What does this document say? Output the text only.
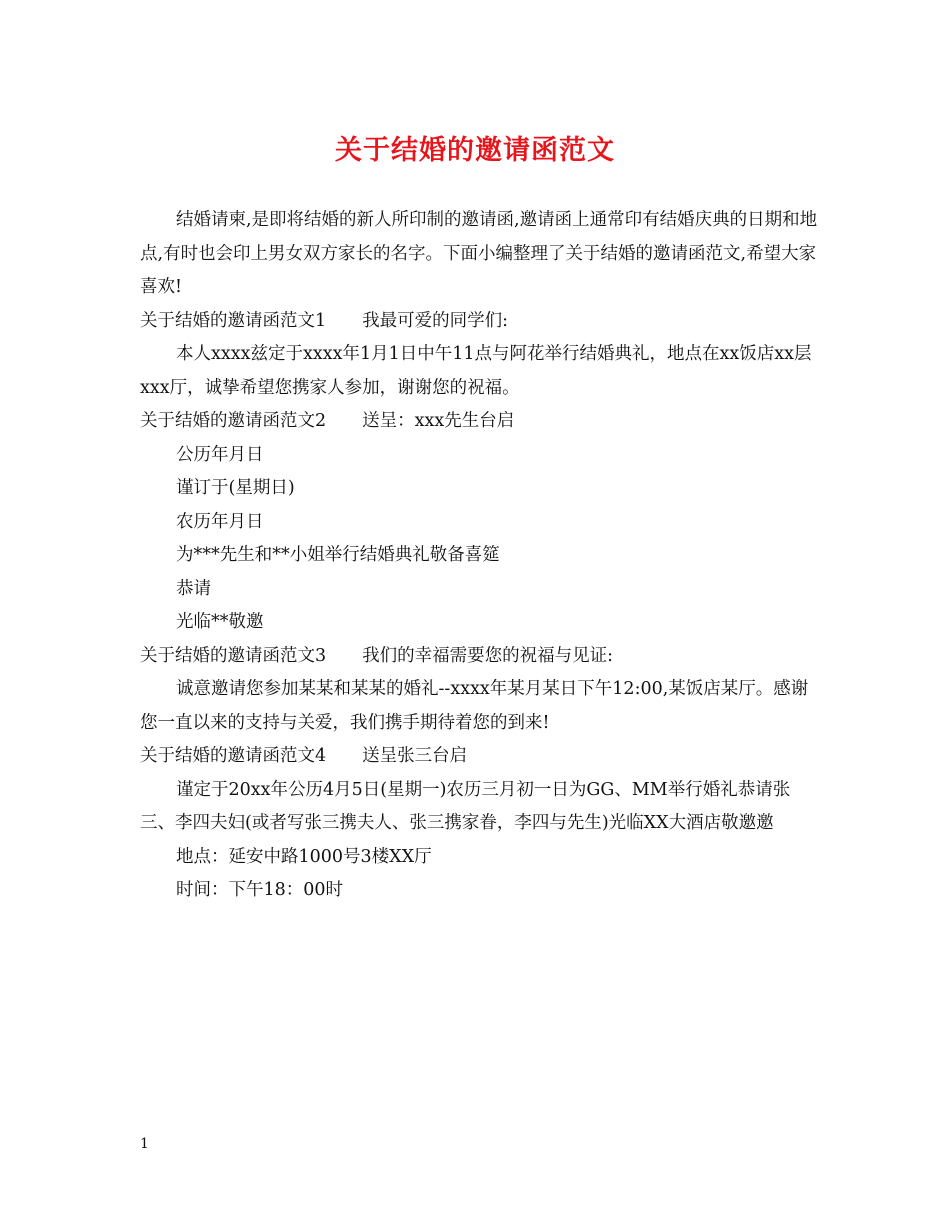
关于结婚的邀请函范文

结婚请柬,是即将结婚的新人所印制的邀请函,邀请函上通常印有结婚庆典的日期和地点,有时也会印上男女双方家长的名字。下面小编整理了关于结婚的邀请函范文,希望大家喜欢!

关于结婚的邀请函范文1 我最可爱的同学们:

本人xxxx兹定于xxxx年1月1日中午11点与阿花举行结婚典礼，地点在xx饭店xx层xxx厅，诚挚希望您携家人参加，谢谢您的祝福。

关于结婚的邀请函范文2 送呈：xxx先生台启

公历年月日

谨订于(星期日)

农历年月日

为***先生和**小姐举行结婚典礼敬备喜筵

恭请

光临**敬邀

关于结婚的邀请函范文3 我们的幸福需要您的祝福与见证:

诚意邀请您参加某某和某某的婚礼--xxxx年某月某日下午12:00,某饭店某厅。感谢您一直以来的支持与关爱，我们携手期待着您的到来!

关于结婚的邀请函范文4 送呈张三台启

谨定于20xx年公历4月5日(星期一)农历三月初一日为GG、MM举行婚礼恭请张三、李四夫妇(或者写张三携夫人、张三携家眷，李四与先生)光临XX大酒店敬邀邀

地点：延安中路1000号3楼XX厅

时间：下午18：00时

1
